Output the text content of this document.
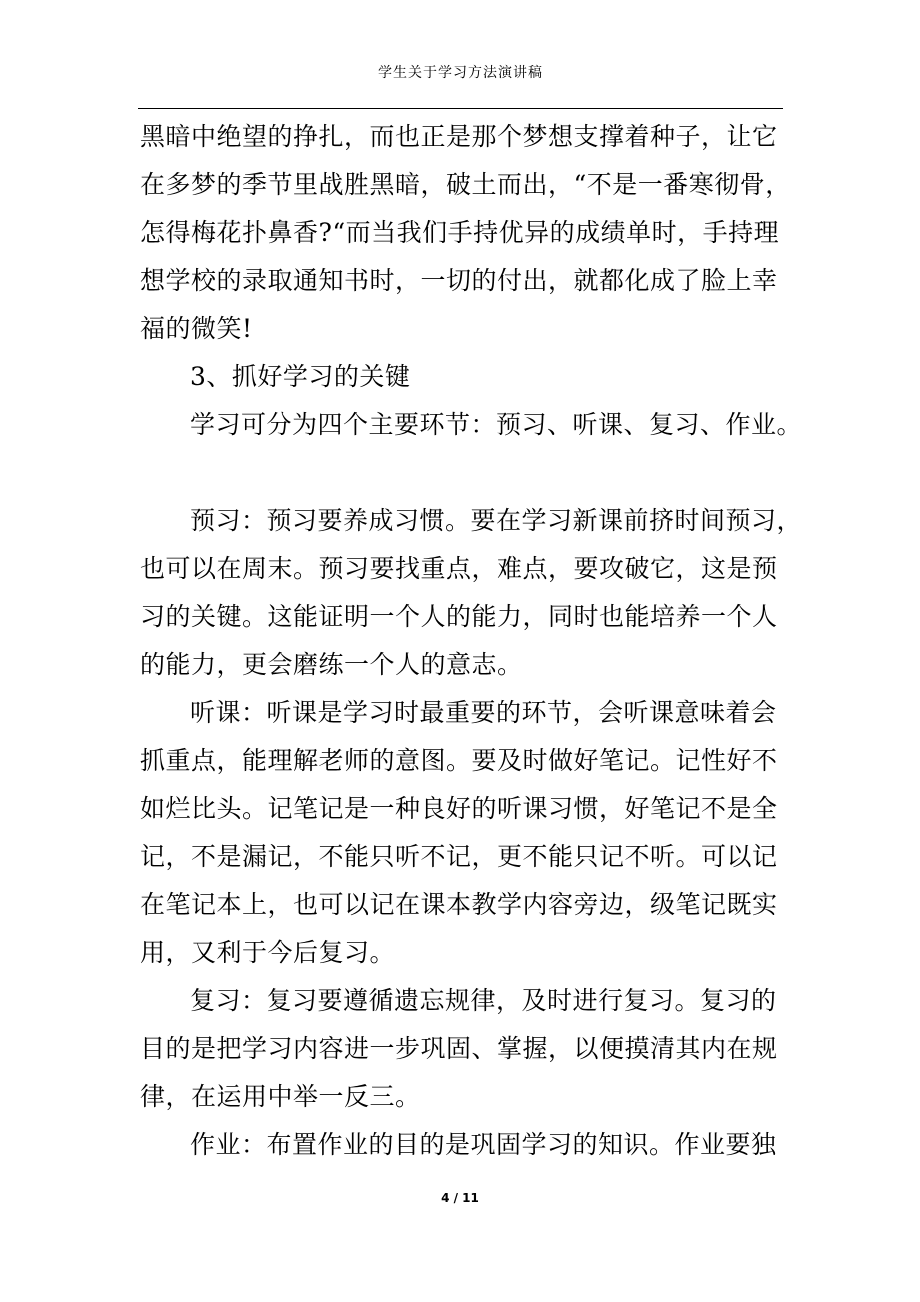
学生关于学习方法演讲稿
黑暗中绝望的挣扎，而也正是那个梦想支撑着种子，让它
在多梦的季节里战胜黑暗，破土而出，“不是一番寒彻骨，
怎得梅花扑鼻香?“而当我们手持优异的成绩单时，手持理
想学校的录取通知书时，一切的付出，就都化成了脸上幸
福的微笑!
3、抓好学习的关键
学习可分为四个主要环节：预习、听课、复习、作业。
预习：预习要养成习惯。要在学习新课前挤时间预习，
也可以在周末。预习要找重点，难点，要攻破它，这是预
习的关键。这能证明一个人的能力，同时也能培养一个人
的能力，更会磨练一个人的意志。
听课：听课是学习时最重要的环节，会听课意味着会
抓重点，能理解老师的意图。要及时做好笔记。记性好不
如烂比头。记笔记是一种良好的听课习惯，好笔记不是全
记，不是漏记，不能只听不记，更不能只记不听。可以记
在笔记本上，也可以记在课本教学内容旁边，级笔记既实
用，又利于今后复习。
复习：复习要遵循遗忘规律，及时进行复习。复习的
目的是把学习内容进一步巩固、掌握，以便摸清其内在规
律，在运用中举一反三。
作业：布置作业的目的是巩固学习的知识。作业要独
4 / 11
